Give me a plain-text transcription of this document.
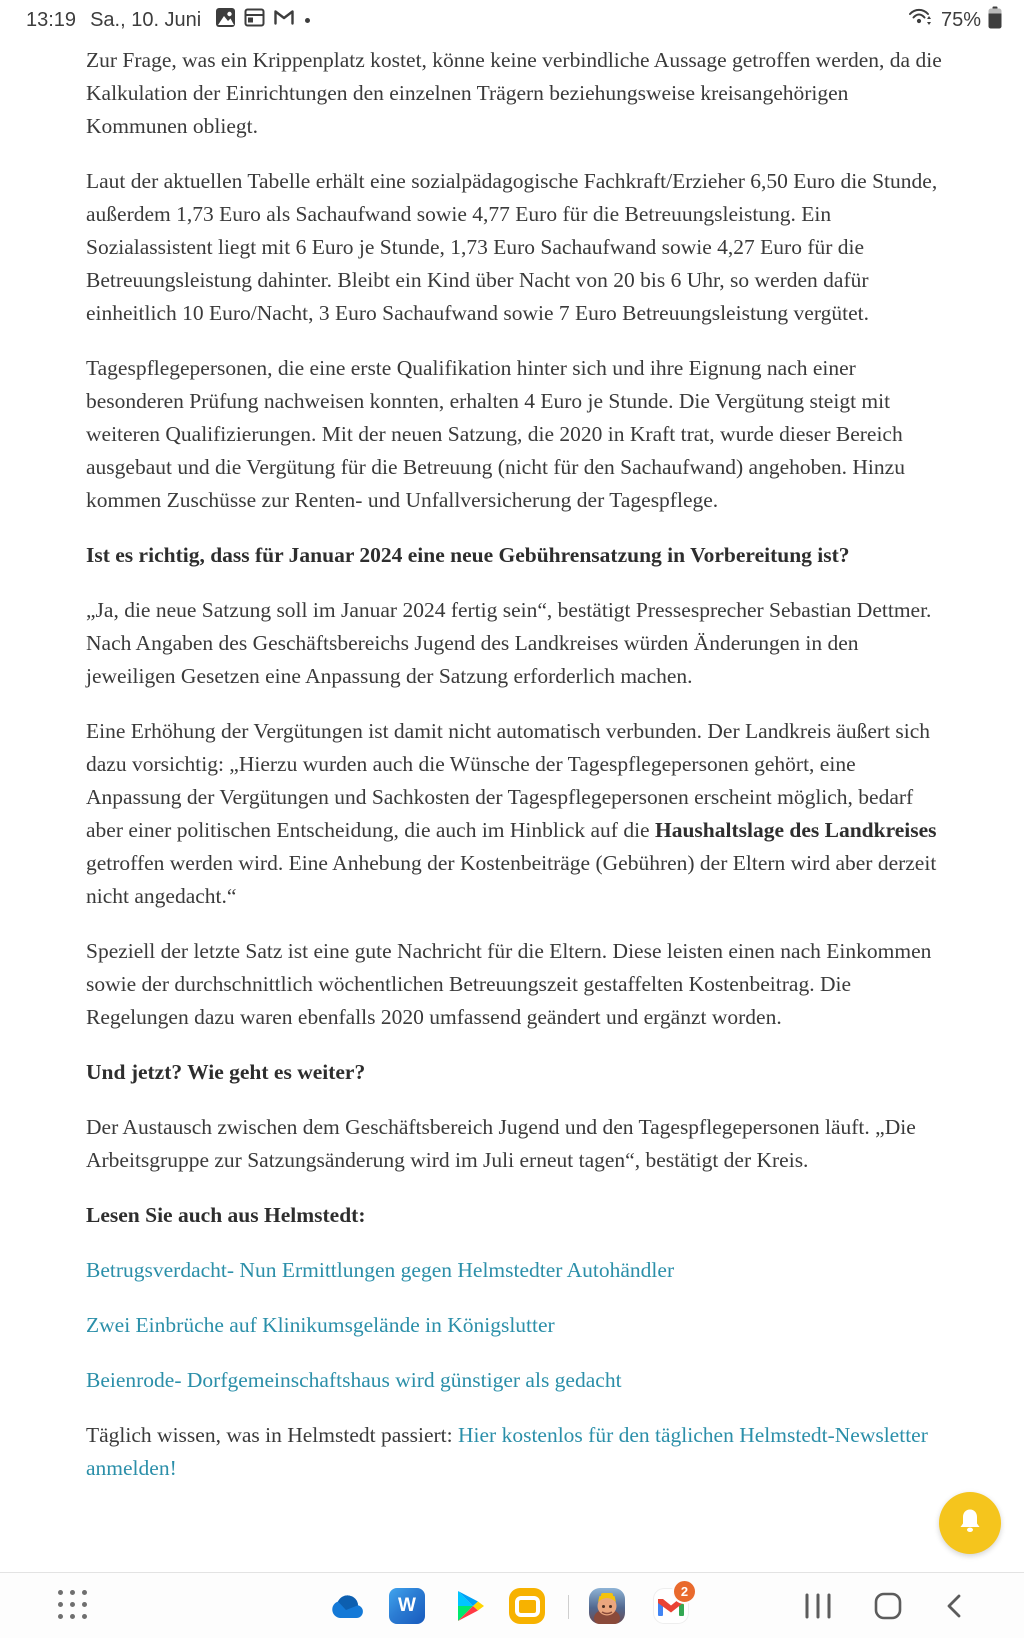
13:19 Sa., 10. Juni	75%

Zur Frage, was ein Krippenplatz kostet, könne keine verbindliche Aussage getroffen werden, da die Kalkulation der Einrichtungen den einzelnen Trägern beziehungsweise kreisangehörigen Kommunen obliegt.

Laut der aktuellen Tabelle erhält eine sozialpädagogische Fachkraft/Erzieher 6,50 Euro die Stunde, außerdem 1,73 Euro als Sachaufwand sowie 4,77 Euro für die Betreuungsleistung. Ein Sozialassistent liegt mit 6 Euro je Stunde, 1,73 Euro Sachaufwand sowie 4,27 Euro für die Betreuungsleistung dahinter. Bleibt ein Kind über Nacht von 20 bis 6 Uhr, so werden dafür einheitlich 10 Euro/Nacht, 3 Euro Sachaufwand sowie 7 Euro Betreuungsleistung vergütet.

Tagespflegepersonen, die eine erste Qualifikation hinter sich und ihre Eignung nach einer besonderen Prüfung nachweisen konnten, erhalten 4 Euro je Stunde. Die Vergütung steigt mit weiteren Qualifizierungen. Mit der neuen Satzung, die 2020 in Kraft trat, wurde dieser Bereich ausgebaut und die Vergütung für die Betreuung (nicht für den Sachaufwand) angehoben. Hinzu kommen Zuschüsse zur Renten- und Unfallversicherung der Tagespflege.

Ist es richtig, dass für Januar 2024 eine neue Gebührensatzung in Vorbereitung ist?

„Ja, die neue Satzung soll im Januar 2024 fertig sein“, bestätigt Pressesprecher Sebastian Dettmer. Nach Angaben des Geschäftsbereichs Jugend des Landkreises würden Änderungen in den jeweiligen Gesetzen eine Anpassung der Satzung erforderlich machen.

Eine Erhöhung der Vergütungen ist damit nicht automatisch verbunden. Der Landkreis äußert sich dazu vorsichtig: „Hierzu wurden auch die Wünsche der Tagespflegepersonen gehört, eine Anpassung der Vergütungen und Sachkosten der Tagespflegepersonen erscheint möglich, bedarf aber einer politischen Entscheidung, die auch im Hinblick auf die Haushaltslage des Landkreises getroffen werden wird. Eine Anhebung der Kostenbeiträge (Gebühren) der Eltern wird aber derzeit nicht angedacht.“

Speziell der letzte Satz ist eine gute Nachricht für die Eltern. Diese leisten einen nach Einkommen sowie der durchschnittlich wöchentlichen Betreuungszeit gestaffelten Kostenbeitrag. Die Regelungen dazu waren ebenfalls 2020 umfassend geändert und ergänzt worden.

Und jetzt? Wie geht es weiter?

Der Austausch zwischen dem Geschäftsbereich Jugend und den Tagespflegepersonen läuft. „Die Arbeitsgruppe zur Satzungsänderung wird im Juli erneut tagen“, bestätigt der Kreis.

Lesen Sie auch aus Helmstedt:

Betrugsverdacht- Nun Ermittlungen gegen Helmstedter Autohändler

Zwei Einbrüche auf Klinikumsgelände in Königslutter

Beienrode- Dorfgemeinschaftshaus wird günstiger als gedacht

Täglich wissen, was in Helmstedt passiert: Hier kostenlos für den täglichen Helmstedt-Newsletter anmelden!

W
2
